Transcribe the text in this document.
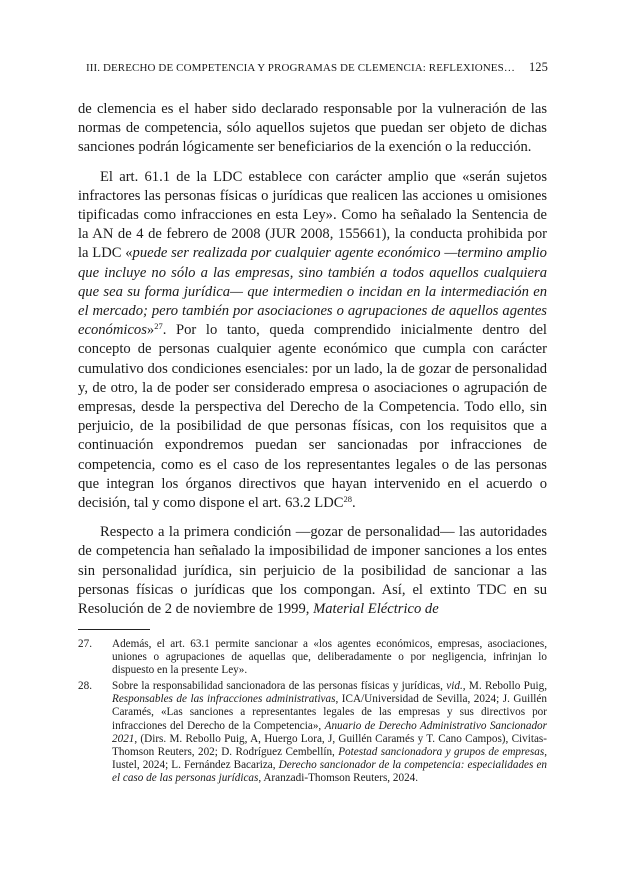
III. DERECHO DE COMPETENCIA Y PROGRAMAS DE CLEMENCIA: REFLEXIONES… 125

de clemencia es el haber sido declarado responsable por la vulneración de las normas de competencia, sólo aquellos sujetos que puedan ser objeto de dichas sanciones podrán lógicamente ser beneficiarios de la exención o la reducción.

El art. 61.1 de la LDC establece con carácter amplio que «serán sujetos infractores las personas físicas o jurídicas que realicen las acciones u omisiones tipificadas como infracciones en esta Ley». Como ha señalado la Sentencia de la AN de 4 de febrero de 2008 (JUR 2008, 155661), la conducta prohibida por la LDC «puede ser realizada por cualquier agente económico —termino amplio que incluye no sólo a las empresas, sino también a todos aquellos cualquiera que sea su forma jurídica— que intermedien o incidan en la intermediación en el mercado; pero también por asociaciones o agrupaciones de aquellos agentes económicos»$^{27}$. Por lo tanto, queda comprendido inicialmente dentro del concepto de personas cualquier agente económico que cumpla con carácter cumulativo dos condiciones esenciales: por un lado, la de gozar de personalidad y, de otro, la de poder ser considerado empresa o asociaciones o agrupación de empresas, desde la perspectiva del Derecho de la Competencia. Todo ello, sin perjuicio, de la posibilidad de que personas físicas, con los requisitos que a continuación expondremos puedan ser sancionadas por infracciones de competencia, como es el caso de los representantes legales o de las personas que integran los órganos directivos que hayan intervenido en el acuerdo o decisión, tal y como dispone el art. 63.2 LDC$^{28}$.

Respecto a la primera condición —gozar de personalidad— las autoridades de competencia han señalado la imposibilidad de imponer sanciones a los entes sin personalidad jurídica, sin perjuicio de la posibilidad de sancionar a las personas físicas o jurídicas que los compongan. Así, el extinto TDC en su Resolución de 2 de noviembre de 1999, Material Eléctrico de

27.	Además, el art. 63.1 permite sancionar a «los agentes económicos, empresas, asociaciones, uniones o agrupaciones de aquellas que, deliberadamente o por negligencia, infrinjan lo dispuesto en la presente Ley».
28.	Sobre la responsabilidad sancionadora de las personas físicas y jurídicas, vid., M. Rebollo Puig, Responsables de las infracciones administrativas, ICA/Universidad de Sevilla, 2024; J. Guillén Caramés, «Las sanciones a representantes legales de las empresas y sus directivos por infracciones del Derecho de la Competencia», Anuario de Derecho Administrativo Sancionador 2021, (Dirs. M. Rebollo Puig, A, Huergo Lora, J, Guillén Caramés y T. Cano Campos), Civitas-Thomson Reuters, 202; D. Rodríguez Cembellín, Potestad sancionadora y grupos de empresas, Iustel, 2024; L. Fernández Bacariza, Derecho sancionador de la competencia: especialidades en el caso de las personas jurídicas, Aranzadi-Thomson Reuters, 2024.
